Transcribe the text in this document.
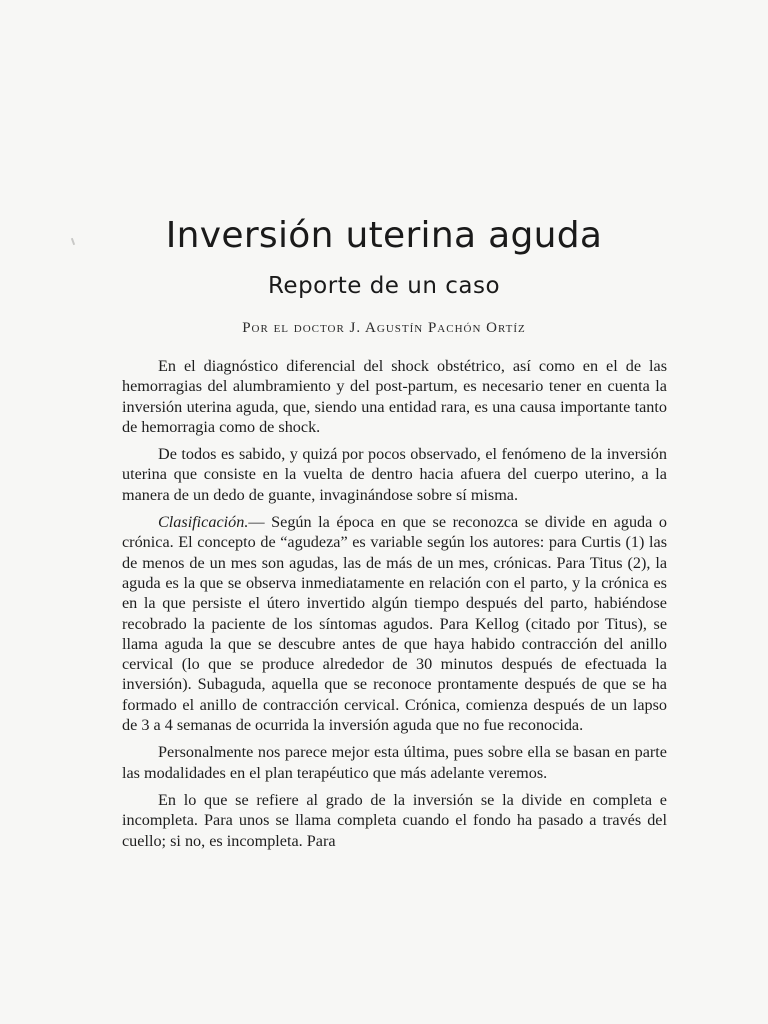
Inversión uterina aguda
Reporte de un caso
Por el doctor J. Agustín Pachón Ortíz

En el diagnóstico diferencial del shock obstétrico, así como en el de las hemorragias del alumbramiento y del post-partum, es necesario tener en cuenta la inversión uterina aguda, que, siendo una entidad rara, es una causa importante tanto de hemorragia como de shock.

De todos es sabido, y quizá por pocos observado, el fenómeno de la inversión uterina que consiste en la vuelta de dentro hacia afuera del cuerpo uterino, a la manera de un dedo de guante, invaginándose sobre sí misma.

Clasificación.— Según la época en que se reconozca se divide en aguda o crónica. El concepto de “agudeza” es variable según los autores: para Curtis (1) las de menos de un mes son agudas, las de más de un mes, crónicas. Para Titus (2), la aguda es la que se observa inmediatamente en relación con el parto, y la crónica es en la que persiste el útero invertido algún tiempo después del parto, habiéndose recobrado la paciente de los síntomas agudos. Para Kellog (citado por Titus), se llama aguda la que se descubre antes de que haya habido contracción del anillo cervical (lo que se produce alrededor de 30 minutos después de efectuada la inversión). Subaguda, aquella que se reconoce prontamente después de que se ha formado el anillo de contracción cervical. Crónica, comienza después de un lapso de 3 a 4 semanas de ocurrida la inversión aguda que no fue reconocida.

Personalmente nos parece mejor esta última, pues sobre ella se basan en parte las modalidades en el plan terapéutico que más adelante veremos.

En lo que se refiere al grado de la inversión se la divide en completa e incompleta. Para unos se llama completa cuando el fondo ha pasado a través del cuello; si no, es incompleta. Para
